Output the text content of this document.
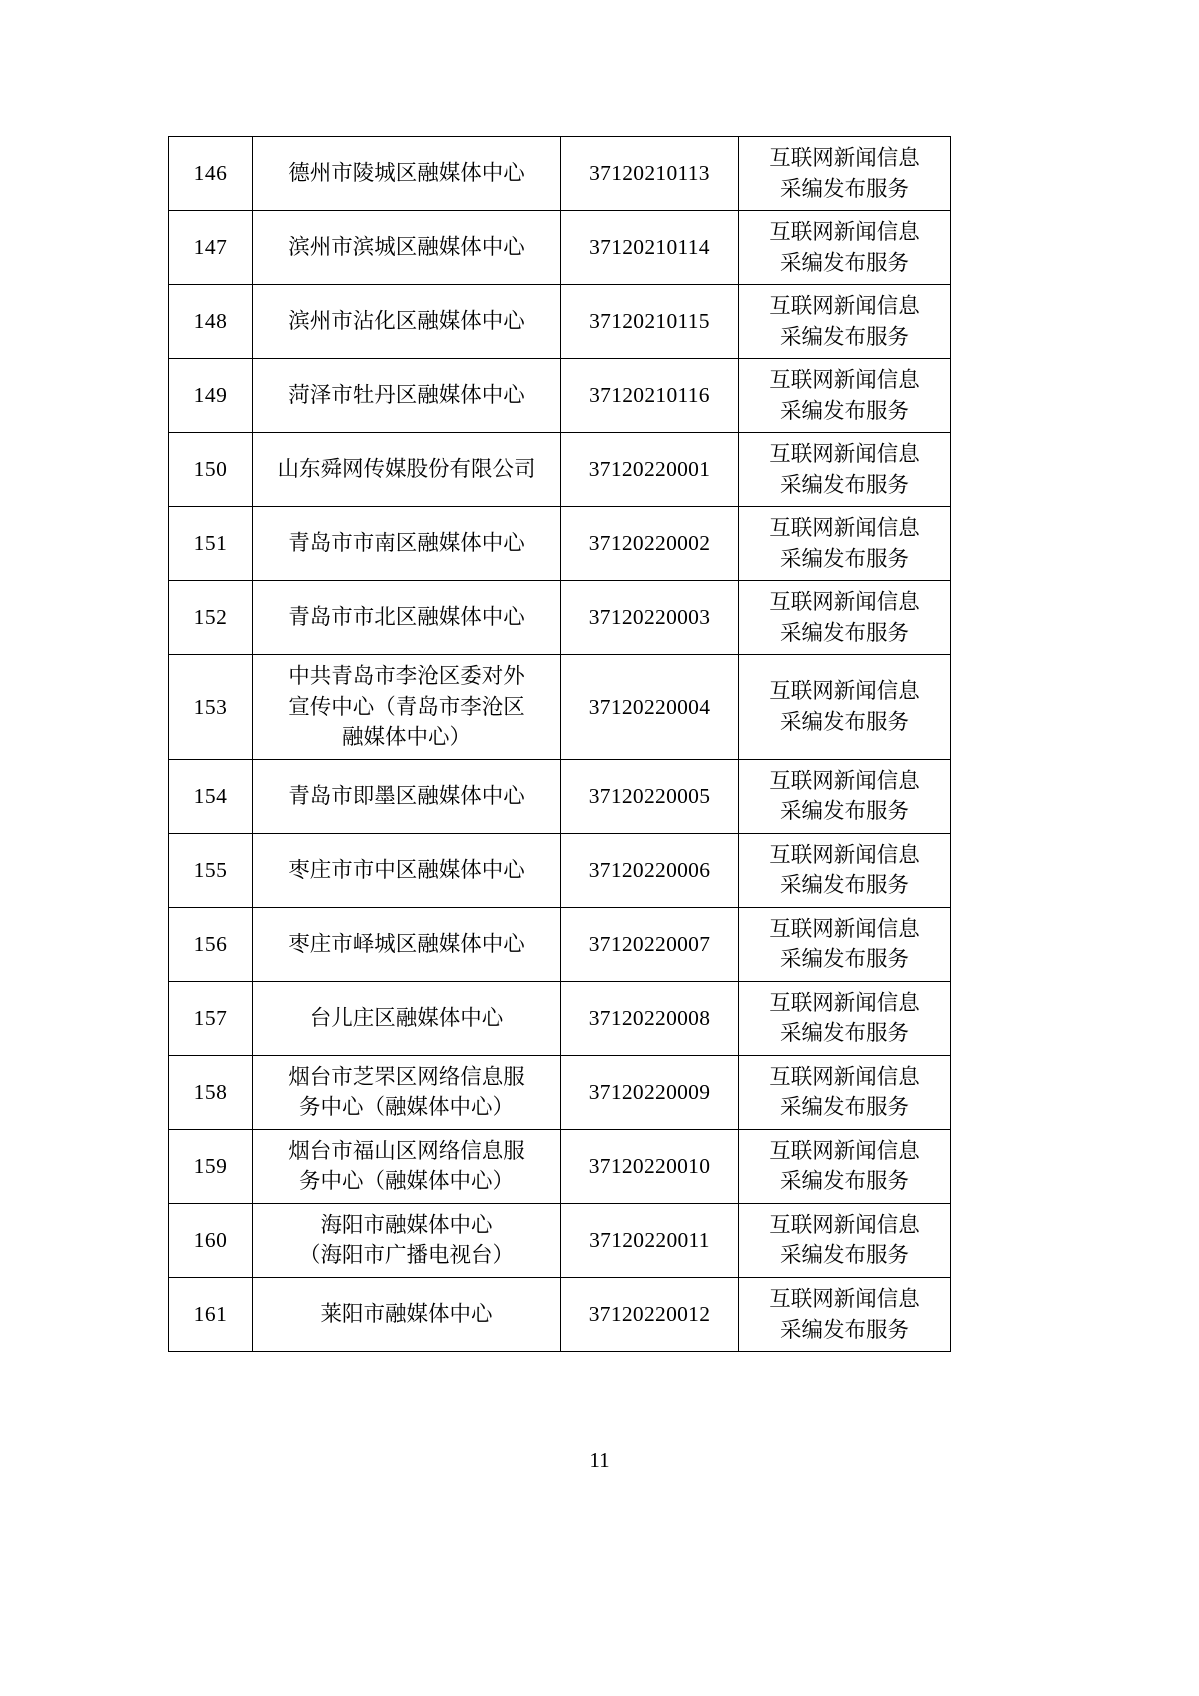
146	德州市陵城区融媒体中心	37120210113	互联网新闻信息
采编发布服务

147	滨州市滨城区融媒体中心	37120210114	互联网新闻信息
采编发布服务

148	滨州市沾化区融媒体中心	37120210115	互联网新闻信息
采编发布服务

149	菏泽市牡丹区融媒体中心	37120210116	互联网新闻信息
采编发布服务

150	山东舜网传媒股份有限公司	37120220001	互联网新闻信息
采编发布服务

151	青岛市市南区融媒体中心	37120220002	互联网新闻信息
采编发布服务

152	青岛市市北区融媒体中心	37120220003	互联网新闻信息
采编发布服务

153	中共青岛市李沧区委对外
宣传中心（青岛市李沧区
融媒体中心）	37120220004	互联网新闻信息
采编发布服务

154	青岛市即墨区融媒体中心	37120220005	互联网新闻信息
采编发布服务

155	枣庄市市中区融媒体中心	37120220006	互联网新闻信息
采编发布服务

156	枣庄市峄城区融媒体中心	37120220007	互联网新闻信息
采编发布服务

157	台儿庄区融媒体中心	37120220008	互联网新闻信息
采编发布服务

158	烟台市芝罘区网络信息服
务中心（融媒体中心）	37120220009	互联网新闻信息
采编发布服务

159	烟台市福山区网络信息服
务中心（融媒体中心）	37120220010	互联网新闻信息
采编发布服务

160	海阳市融媒体中心
（海阳市广播电视台）	37120220011	互联网新闻信息
采编发布服务

161	莱阳市融媒体中心	37120220012	互联网新闻信息
采编发布服务
11
